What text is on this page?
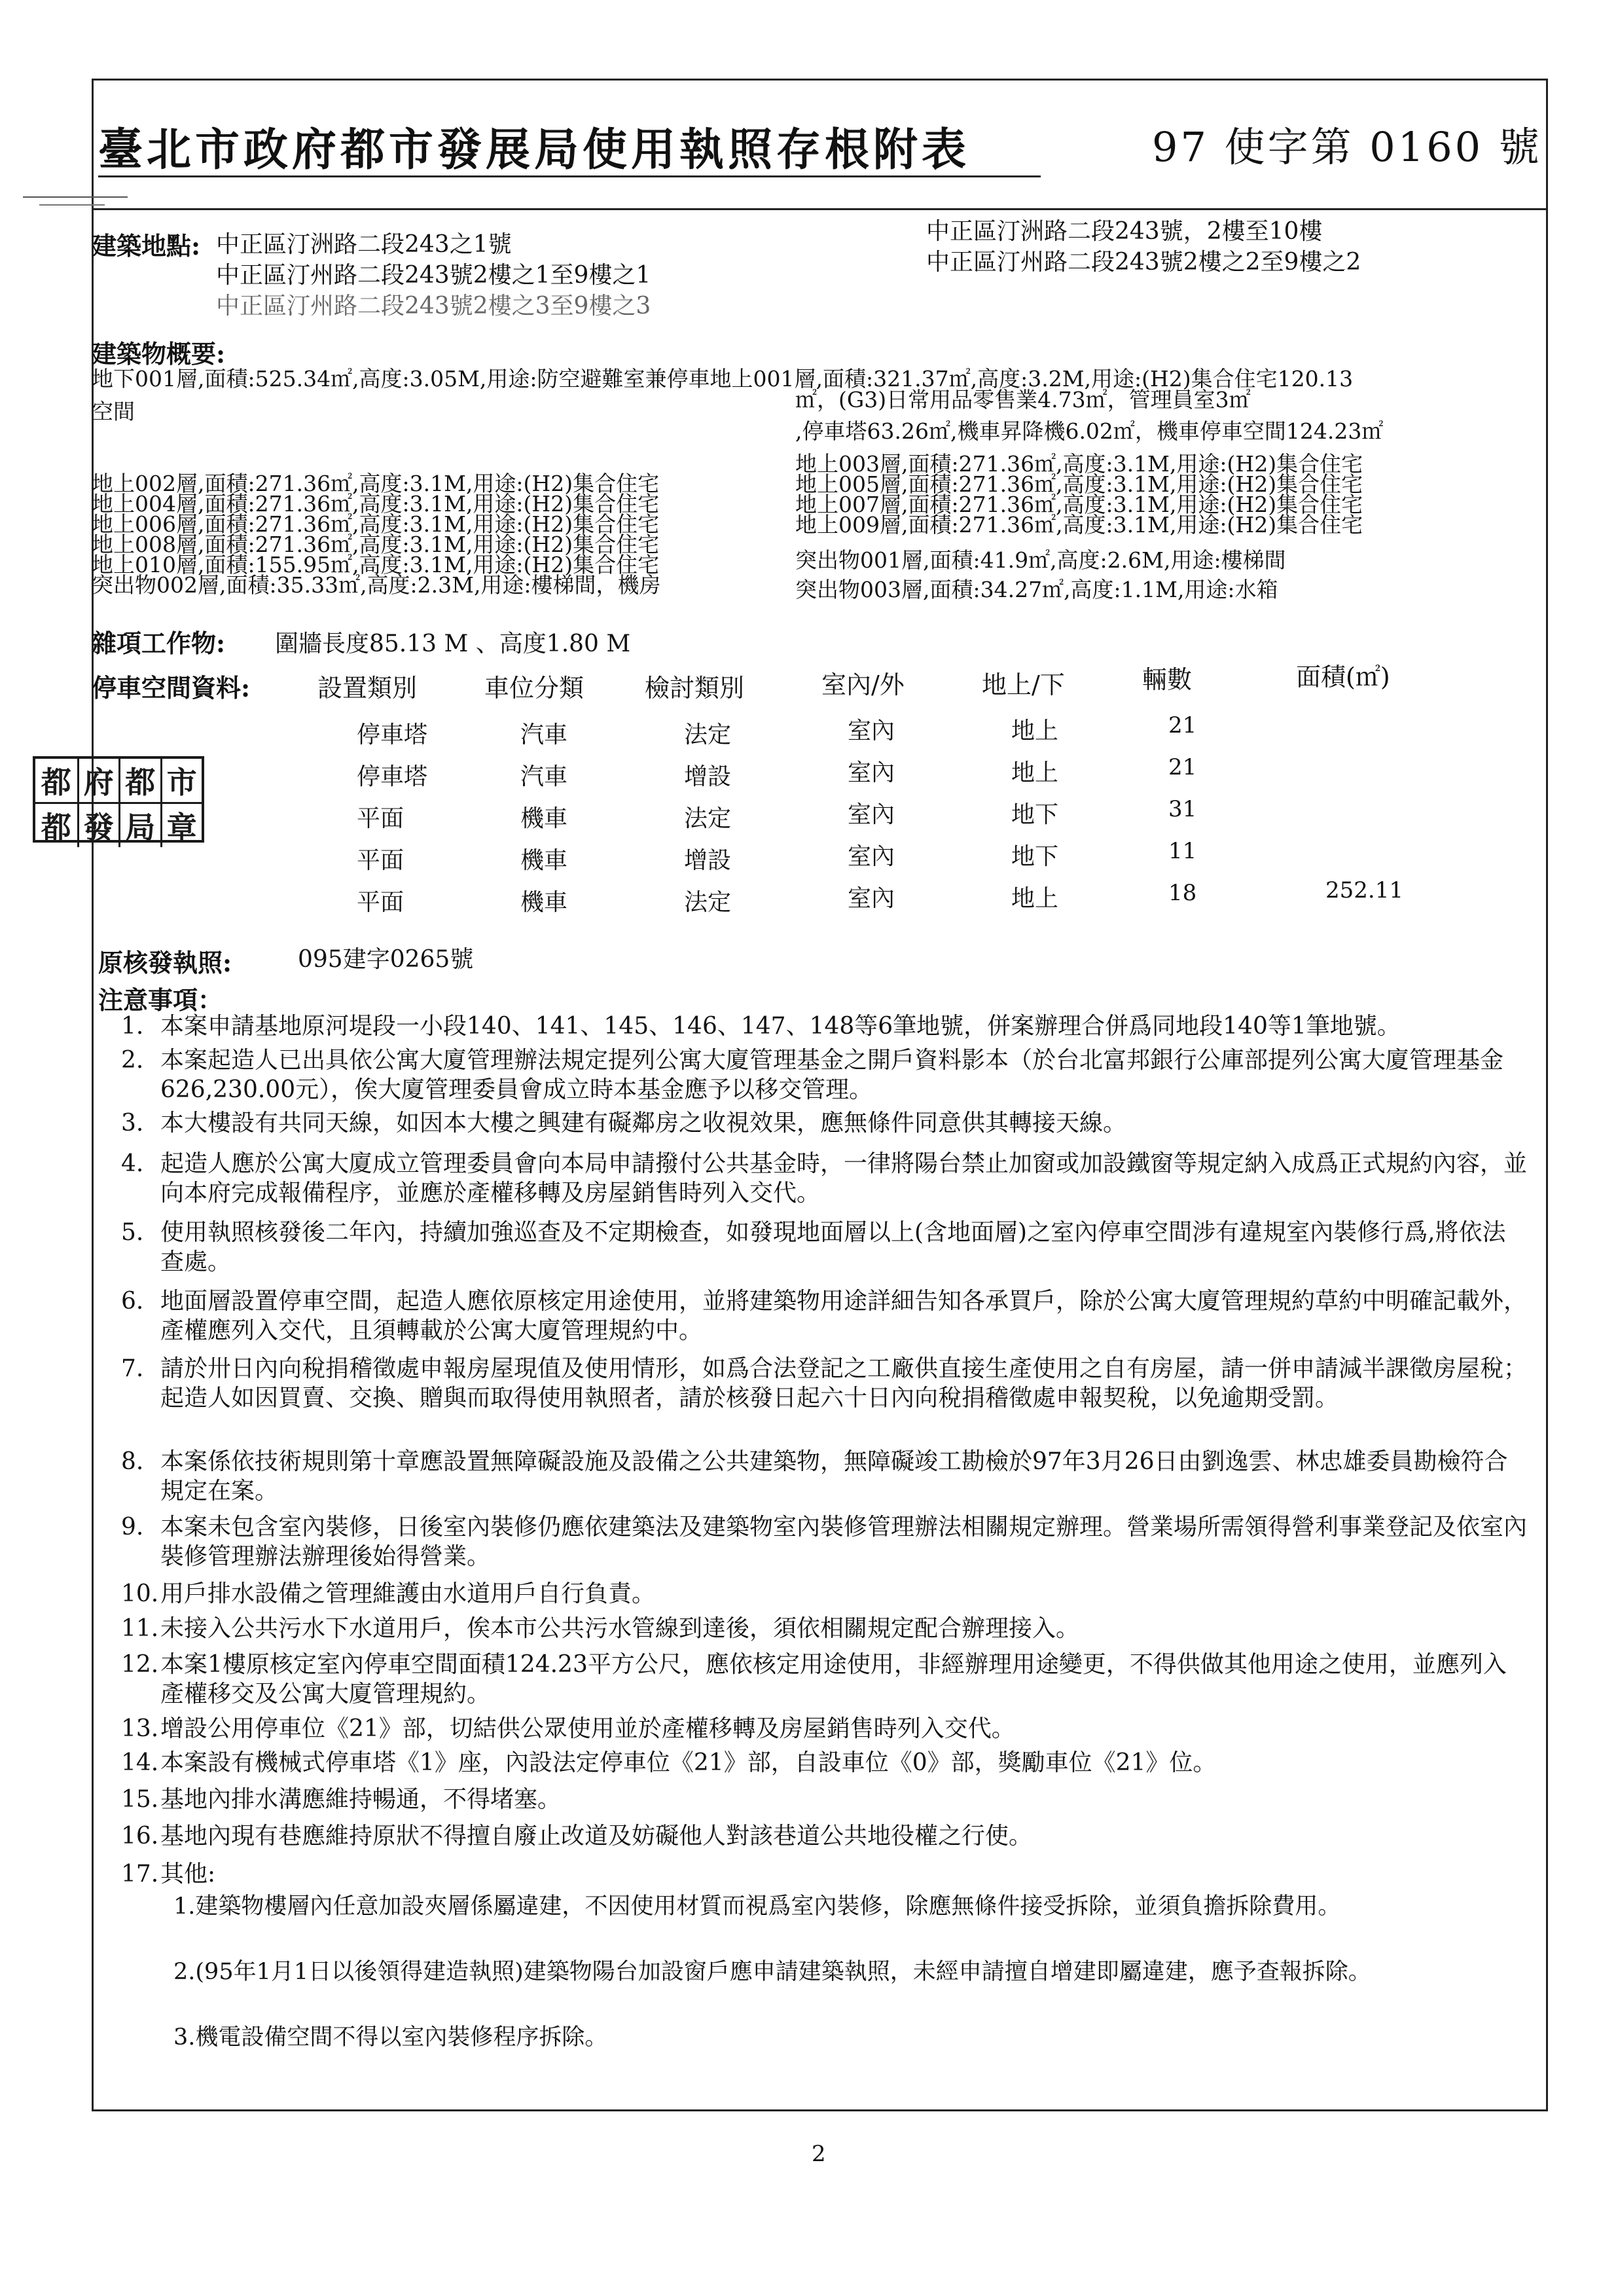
臺北市政府都市發展局使用執照存根附表	97 使字第 0160 號
建築地點: 中正區汀洲路二段243之1號
中正區汀州路二段243號2樓之1至9樓之1
中正區汀州路二段243號2樓之3至9樓之3
中正區汀洲路二段243號，2樓至10樓
中正區汀州路二段243號2樓之2至9樓之2
建築物概要:
地下001層,面積:525.34㎡,高度:3.05M,用途:防空避難室兼停車地上001層,面積:321.37㎡,高度:3.2M,用途:(H2)集合住宅120.13
空間	㎡，(G3)日常用品零售業4.73㎡，管理員室3㎡
,停車塔63.26㎡,機車昇降機6.02㎡，機車停車空間124.23㎡
地上002層,面積:271.36㎡,高度:3.1M,用途:(H2)集合住宅
地上004層,面積:271.36㎡,高度:3.1M,用途:(H2)集合住宅
地上006層,面積:271.36㎡,高度:3.1M,用途:(H2)集合住宅
地上008層,面積:271.36㎡,高度:3.1M,用途:(H2)集合住宅
地上010層,面積:155.95㎡,高度:3.1M,用途:(H2)集合住宅
突出物002層,面積:35.33㎡,高度:2.3M,用途:樓梯間，機房
地上003層,面積:271.36㎡,高度:3.1M,用途:(H2)集合住宅
地上005層,面積:271.36㎡,高度:3.1M,用途:(H2)集合住宅
地上007層,面積:271.36㎡,高度:3.1M,用途:(H2)集合住宅
地上009層,面積:271.36㎡,高度:3.1M,用途:(H2)集合住宅
突出物001層,面積:41.9㎡,高度:2.6M,用途:樓梯間
突出物003層,面積:34.27㎡,高度:1.1M,用途:水箱
雜項工作物: 圍牆長度85.13 M 、高度1.80 M
停車空間資料:	設置類別	車位分類 檢討類別	室內/外	地上/下	輛數	面積(㎡)
停車塔	汽車	法定	室內	地上	21
停車塔	汽車	增設	室內	地上	21
平面	機車	法定	室內	地下	31
平面	機車	增設	室內	地下	11
平面	機車	法定	室內	地上	18	252.11
都 府 都 市
都 發 局 章
原核發執照:	095建字0265號
注意事項：
1. 本案申請基地原河堤段一小段140、141、145、146、147、148等6筆地號，併案辦理合併爲同地段140等1筆地號。
2. 本案起造人已出具依公寓大廈管理辦法規定提列公寓大廈管理基金之開戶資料影本（於台北富邦銀行公庫部提列公寓大廈管理基金626,230.00元），俟大廈管理委員會成立時本基金應予以移交管理。
3. 本大樓設有共同天線，如因本大樓之興建有礙鄰房之收視效果，應無條件同意供其轉接天線。
4. 起造人應於公寓大廈成立管理委員會向本局申請撥付公共基金時，一律將陽台禁止加窗或加設鐵窗等規定納入成爲正式規約內容，並向本府完成報備程序，並應於產權移轉及房屋銷售時列入交代。
5. 使用執照核發後二年內，持續加強巡查及不定期檢查，如發現地面層以上(含地面層)之室內停車空間涉有違規室內裝修行爲,將依法查處。
6. 地面層設置停車空間，起造人應依原核定用途使用，並將建築物用途詳細告知各承買戶，除於公寓大廈管理規約草約中明確記載外，產權應列入交代，且須轉載於公寓大廈管理規約中。
7. 請於卅日內向稅捐稽徵處申報房屋現值及使用情形，如爲合法登記之工廠供直接生產使用之自有房屋，請一併申請減半課徵房屋稅；起造人如因買賣、交換、贈與而取得使用執照者，請於核發日起六十日內向稅捐稽徵處申報契稅，以免逾期受罰。
8. 本案係依技術規則第十章應設置無障礙設施及設備之公共建築物，無障礙竣工勘檢於97年3月26日由劉逸雲、林忠雄委員勘檢符合規定在案。
9. 本案未包含室內裝修，日後室內裝修仍應依建築法及建築物室內裝修管理辦法相關規定辦理。營業場所需領得營利事業登記及依室內裝修管理辦法辦理後始得營業。
10. 用戶排水設備之管理維護由水道用戶自行負責。
11. 未接入公共污水下水道用戶，俟本市公共污水管線到達後，須依相關規定配合辦理接入。
12. 本案1樓原核定室內停車空間面積124.23平方公尺，應依核定用途使用，非經辦理用途變更，不得供做其他用途之使用，並應列入產權移交及公寓大廈管理規約。
13. 增設公用停車位《21》部，切結供公眾使用並於產權移轉及房屋銷售時列入交代。
14. 本案設有機械式停車塔《1》座，內設法定停車位《21》部，自設車位《0》部，獎勵車位《21》位。
15. 基地內排水溝應維持暢通，不得堵塞。
16. 基地內現有巷應維持原狀不得擅自廢止改道及妨礙他人對該巷道公共地役權之行使。
17. 其他:
1.建築物樓層內任意加設夾層係屬違建，不因使用材質而視爲室內裝修，除應無條件接受拆除，並須負擔拆除費用。
2.(95年1月1日以後領得建造執照)建築物陽台加設窗戶應申請建築執照，未經申請擅自增建即屬違建，應予查報拆除。
3.機電設備空間不得以室內裝修程序拆除。
2
